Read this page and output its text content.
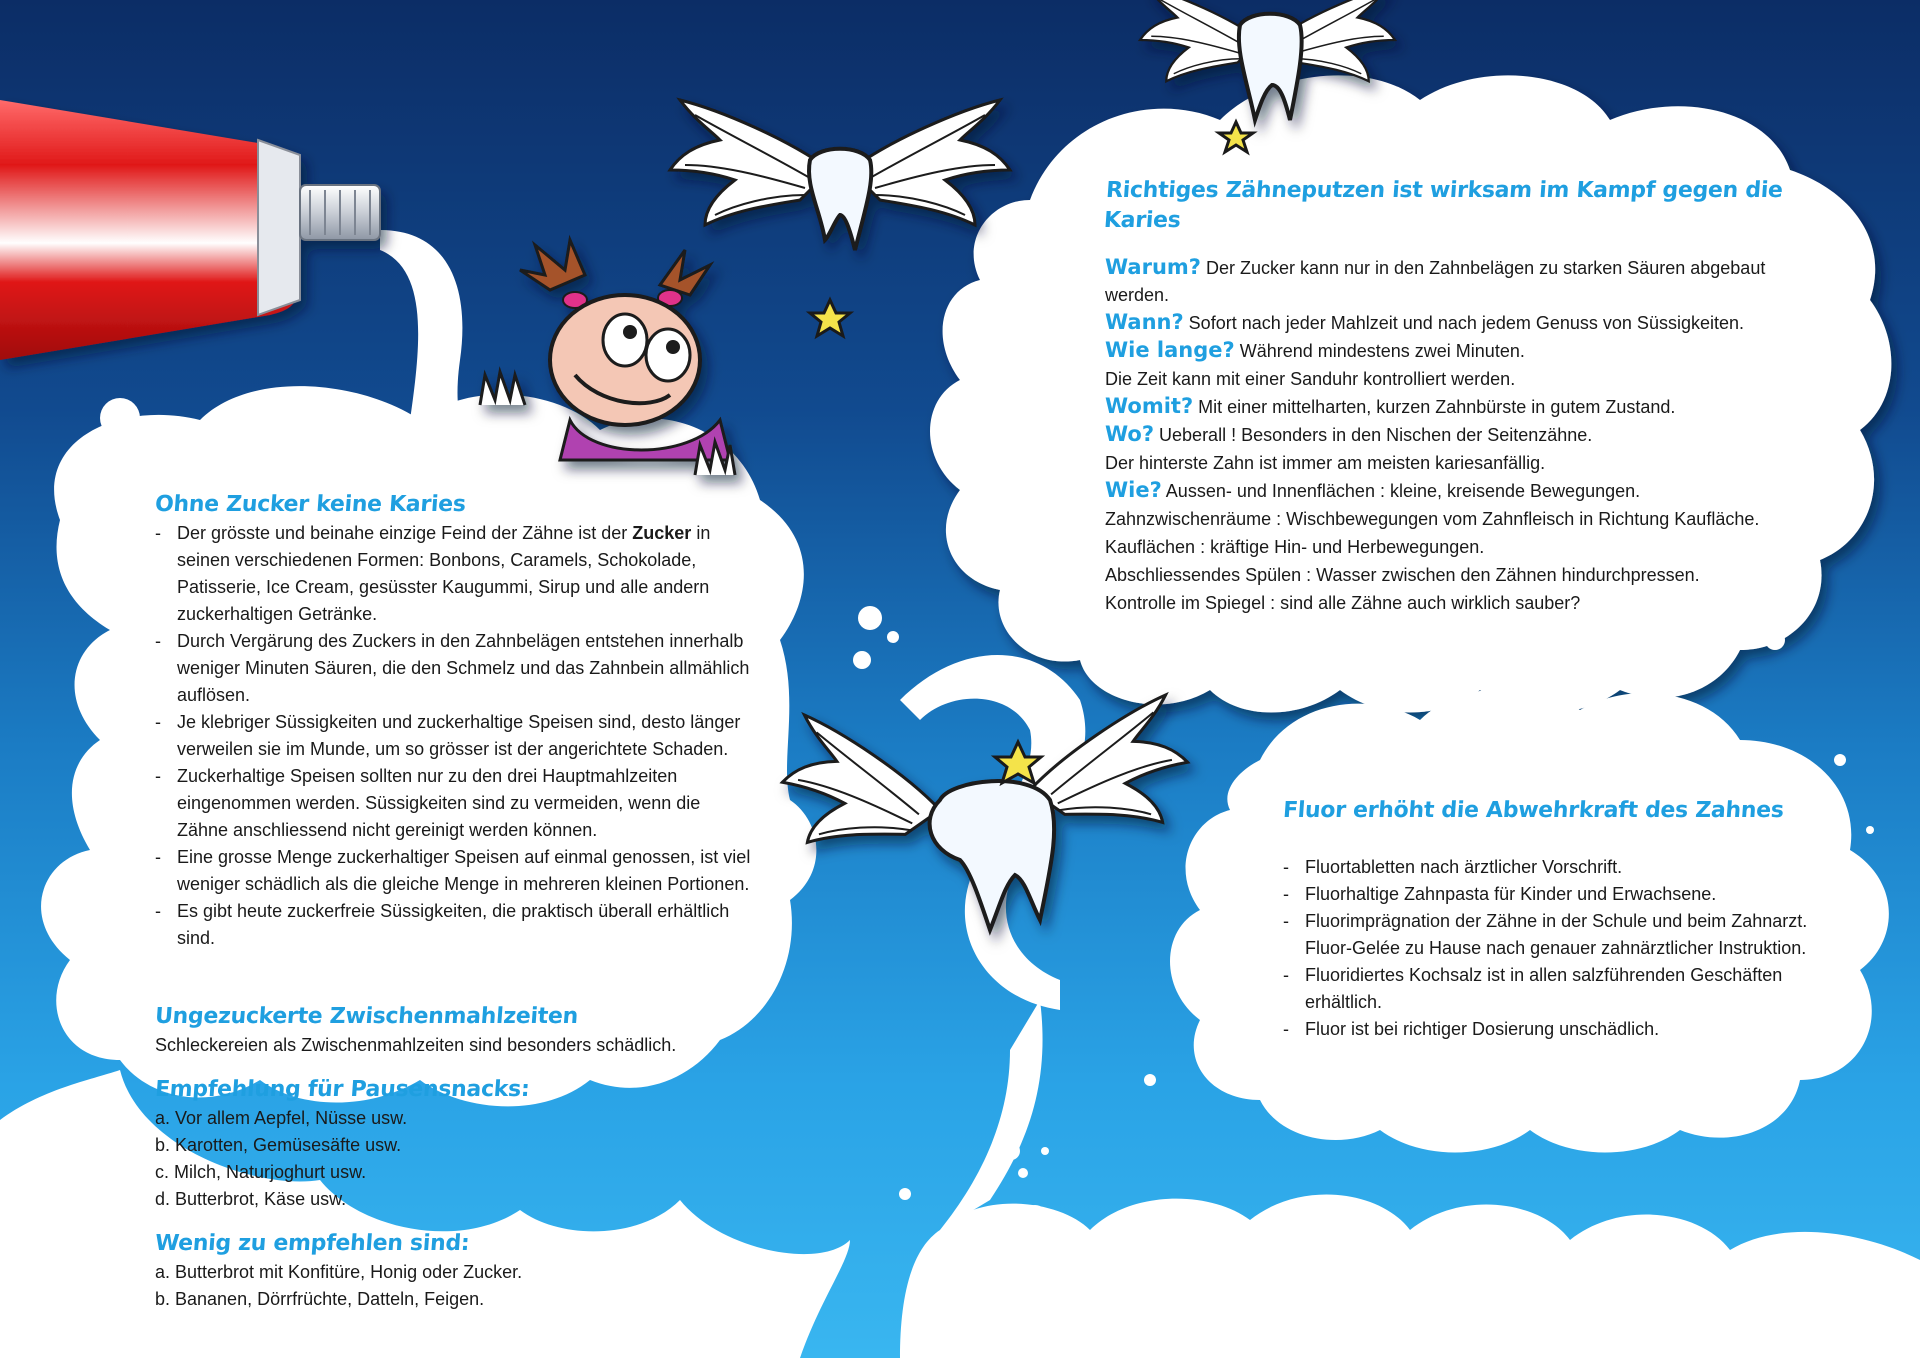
Ohne Zucker keine Karies
- Der grösste und beinahe einzige Feind der Zähne ist der Zucker in seinen verschiedenen Formen: Bonbons, Caramels, Schokolade, Patisserie, Ice Cream, gesüsster Kaugummi, Sirup und alle andern zuckerhaltigen Getränke.
- Durch Vergärung des Zuckers in den Zahnbelägen entstehen innerhalb weniger Minuten Säuren, die den Schmelz und das Zahnbein allmählich auflösen.
- Je klebriger Süssigkeiten und zuckerhaltige Speisen sind, desto länger verweilen sie im Munde, um so grösser ist der angerichtete Schaden.
- Zuckerhaltige Speisen sollten nur zu den drei Hauptmahlzeiten eingenommen werden. Süssigkeiten sind zu vermeiden, wenn die Zähne anschliessend nicht gereinigt werden können.
- Eine grosse Menge zuckerhaltiger Speisen auf einmal genossen, ist viel weniger schädlich als die gleiche Menge in mehreren kleinen Portionen.
- Es gibt heute zuckerfreie Süssigkeiten, die praktisch überall erhältlich sind.
Ungezuckerte Zwischenmahlzeiten
Schleckereien als Zwischenmahlzeiten sind besonders schädlich.
Empfehlung für Pausensnacks:
a. Vor allem Aepfel, Nüsse usw.
b. Karotten, Gemüsesäfte usw.
c. Milch, Naturjoghurt usw.
d. Butterbrot, Käse usw.
Wenig zu empfehlen sind:
a. Butterbrot mit Konfitüre, Honig oder Zucker.
b. Bananen, Dörrfrüchte, Datteln, Feigen.
Richtiges Zähneputzen ist wirksam im Kampf gegen die Karies
Warum? Der Zucker kann nur in den Zahnbelägen zu starken Säuren abgebaut werden.
Wann? Sofort nach jeder Mahlzeit und nach jedem Genuss von Süssigkeiten.
Wie lange? Während mindestens zwei Minuten.
Die Zeit kann mit einer Sanduhr kontrolliert werden.
Womit? Mit einer mittelharten, kurzen Zahnbürste in gutem Zustand.
Wo? Ueberall ! Besonders in den Nischen der Seitenzähne.
Der hinterste Zahn ist immer am meisten kariesanfällig.
Wie? Aussen- und Innenflächen : kleine, kreisende Bewegungen.
Zahnzwischenräume : Wischbewegungen vom Zahnfleisch in Richtung Kaufläche.
Kauflächen : kräftige Hin- und Herbewegungen.
Abschliessendes Spülen : Wasser zwischen den Zähnen hindurchpressen.
Kontrolle im Spiegel : sind alle Zähne auch wirklich sauber?
Fluor erhöht die Abwehrkraft des Zahnes
- Fluortabletten nach ärztlicher Vorschrift.
- Fluorhaltige Zahnpasta für Kinder und Erwachsene.
- Fluorimprägnation der Zähne in der Schule und beim Zahnarzt. Fluor-Gelée zu Hause nach genauer zahnärztlicher Instruktion.
- Fluoridiertes Kochsalz ist in allen salzführenden Geschäften erhältlich.
- Fluor ist bei richtiger Dosierung unschädlich.
